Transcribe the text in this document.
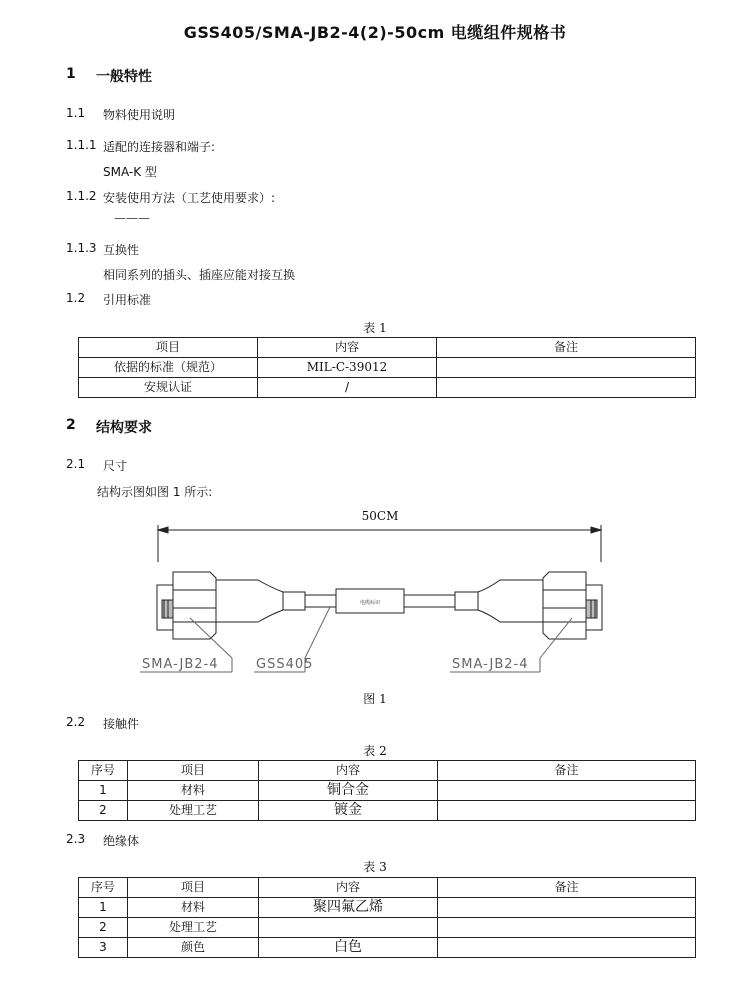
GSS405/SMA-JB2-4(2)-50cm 电缆组件规格书
1 一般特性
1.1 物料使用说明
1.1.1 适配的连接器和端子:
SMA-K 型
1.1.2 安装使用方法（工艺使用要求）:
———
1.1.3 互换性
相同系列的插头、插座应能对接互换
1.2 引用标准
表 1
项目	内容	备注
依据的标准（规范）	MIL-C-39012	
安规认证	/	
2 结构要求
2.1 尺寸
结构示图如图 1 所示:
50CM
电缆标识
SMA-JB2-4	GSS405	SMA-JB2-4
图 1
2.2 接触件
表 2
序号	项目	内容	备注
1	材料	铜合金	
2	处理工艺	镀金	
2.3 绝缘体
表 3
序号	项目	内容	备注
1	材料	聚四氟乙烯	
2	处理工艺		
3	颜色	白色	
